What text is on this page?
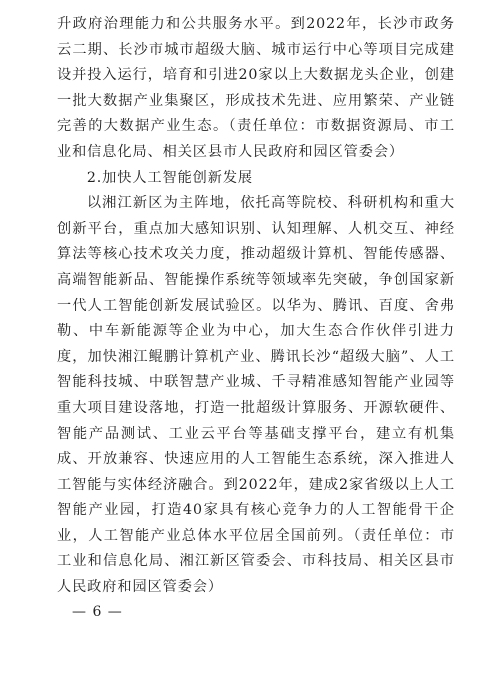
升政府治理能力和公共服务水平。到2022年，长沙市政务云二期、长沙市城市超级大脑、城市运行中心等项目完成建设并投入运行，培育和引进20家以上大数据龙头企业，创建一批大数据产业集聚区，形成技术先进、应用繁荣、产业链完善的大数据产业生态。（责任单位：市数据资源局、市工业和信息化局、相关区县市人民政府和园区管委会）

2.加快人工智能创新发展

以湘江新区为主阵地，依托高等院校、科研机构和重大创新平台，重点加大感知识别、认知理解、人机交互、神经算法等核心技术攻关力度，推动超级计算机、智能传感器、高端智能新品、智能操作系统等领域率先突破，争创国家新一代人工智能创新发展试验区。以华为、腾讯、百度、舍弗勒、中车新能源等企业为中心，加大生态合作伙伴引进力度，加快湘江鲲鹏计算机产业、腾讯长沙“超级大脑”、人工智能科技城、中联智慧产业城、千寻精准感知智能产业园等重大项目建设落地，打造一批超级计算服务、开源软硬件、智能产品测试、工业云平台等基础支撑平台，建立有机集成、开放兼容、快速应用的人工智能生态系统，深入推进人工智能与实体经济融合。到2022年，建成2家省级以上人工智能产业园，打造40家具有核心竞争力的人工智能骨干企业，人工智能产业总体水平位居全国前列。（责任单位：市工业和信息化局、湘江新区管委会、市科技局、相关区县市人民政府和园区管委会）

— 6 —
